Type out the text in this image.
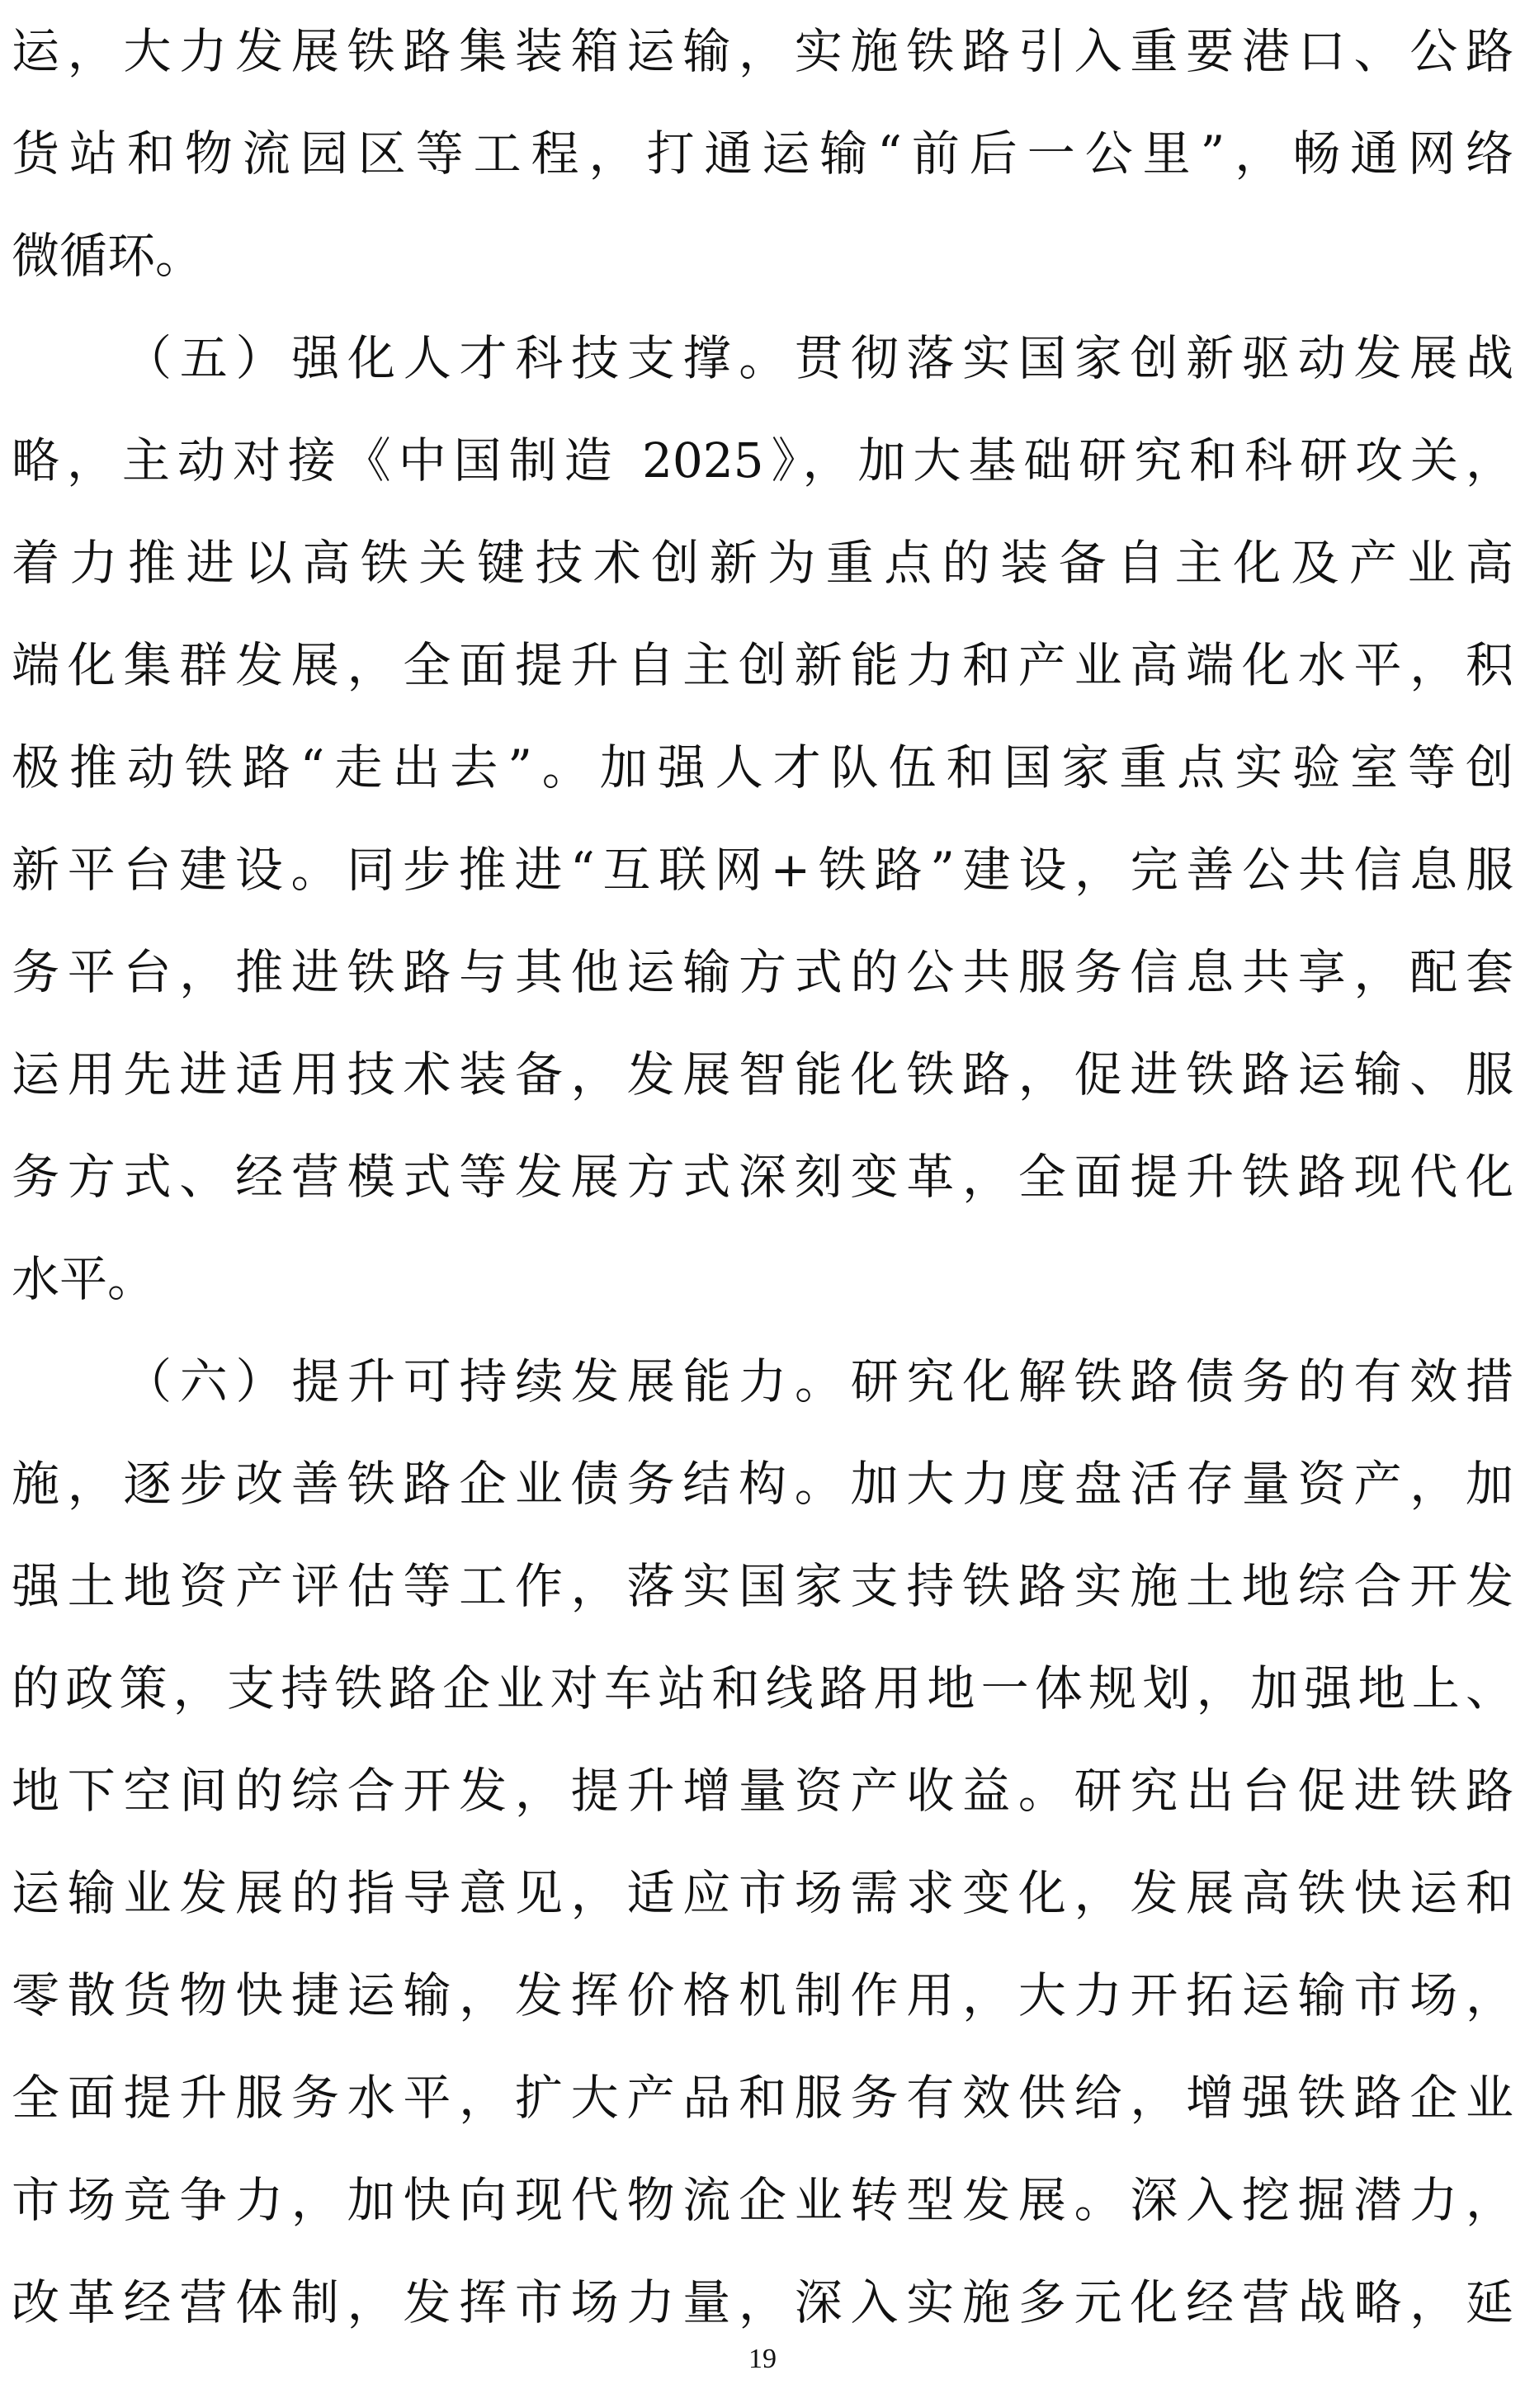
运，大力发展铁路集装箱运输，实施铁路引入重要港口、公路
货站和物流园区等工程，打通运输“前后一公里”，畅通网络
微循环。
（五）强化人才科技支撑。贯彻落实国家创新驱动发展战
略，主动对接《中国制造 2025》，加大基础研究和科研攻关，
着力推进以高铁关键技术创新为重点的装备自主化及产业高
端化集群发展，全面提升自主创新能力和产业高端化水平，积
极推动铁路“走出去”。加强人才队伍和国家重点实验室等创
新平台建设。同步推进“互联网+铁路”建设，完善公共信息服
务平台，推进铁路与其他运输方式的公共服务信息共享，配套
运用先进适用技术装备，发展智能化铁路，促进铁路运输、服
务方式、经营模式等发展方式深刻变革，全面提升铁路现代化
水平。
（六）提升可持续发展能力。研究化解铁路债务的有效措
施，逐步改善铁路企业债务结构。加大力度盘活存量资产，加
强土地资产评估等工作，落实国家支持铁路实施土地综合开发
的政策，支持铁路企业对车站和线路用地一体规划，加强地上、
地下空间的综合开发，提升增量资产收益。研究出台促进铁路
运输业发展的指导意见，适应市场需求变化，发展高铁快运和
零散货物快捷运输，发挥价格机制作用，大力开拓运输市场，
全面提升服务水平，扩大产品和服务有效供给，增强铁路企业
市场竞争力，加快向现代物流企业转型发展。深入挖掘潜力，
改革经营体制，发挥市场力量，深入实施多元化经营战略，延
19
